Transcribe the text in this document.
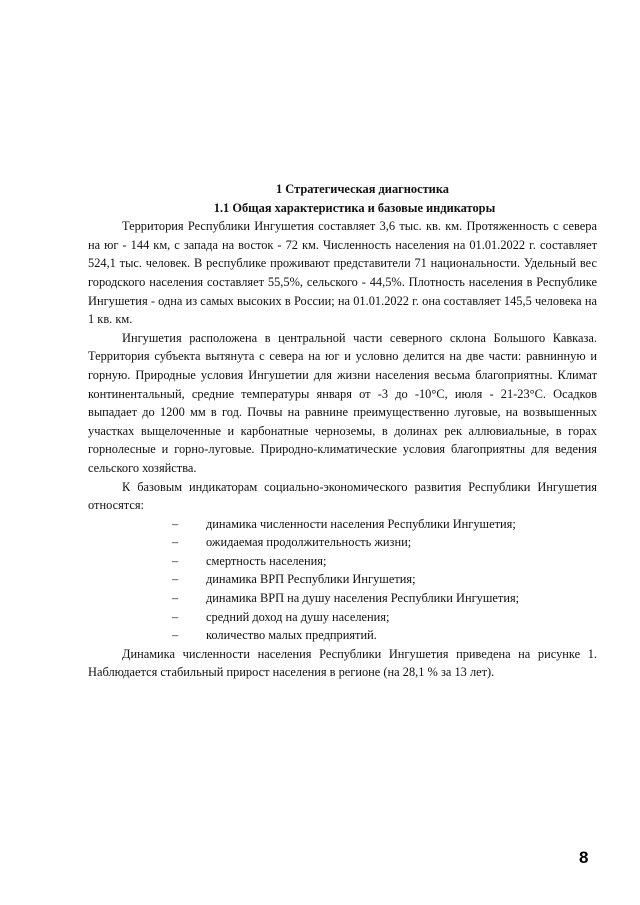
1 Стратегическая диагностика

1.1 Общая характеристика и базовые индикаторы

Территория Республики Ингушетия составляет 3,6 тыс. кв. км. Протяженность с севера на юг - 144 км, с запада на восток - 72 км. Численность населения на 01.01.2022 г. составляет 524,1 тыс. человек. В республике проживают представители 71 национальности. Удельный вес городского населения составляет 55,5%, сельского - 44,5%. Плотность населения в Республике Ингушетия - одна из самых высоких в России; на 01.01.2022 г. она составляет 145,5 человека на 1 кв. км.

Ингушетия расположена в центральной части северного склона Большого Кавказа. Территория субъекта вытянута с севера на юг и условно делится на две части: равнинную и горную. Природные условия Ингушетии для жизни населения весьма благоприятны. Климат континентальный, средние температуры января от -3 до -10°С, июля - 21-23°С. Осадков выпадает до 1200 мм в год. Почвы на равнине преимущественно луговые, на возвышенных участках выщелоченные и карбонатные черноземы, в долинах рек аллювиальные, в горах горнолесные и горно-луговые. Природно-климатические условия благоприятны для ведения сельского хозяйства.

К базовым индикаторам социально-экономического развития Республики Ингушетия относятся:

– динамика численности населения Республики Ингушетия;
– ожидаемая продолжительность жизни;
– смертность населения;
– динамика ВРП Республики Ингушетия;
– динамика ВРП на душу населения Республики Ингушетия;
– средний доход на душу населения;
– количество малых предприятий.

Динамика численности населения Республики Ингушетия приведена на рисунке 1. Наблюдается стабильный прирост населения в регионе (на 28,1 % за 13 лет).

8
